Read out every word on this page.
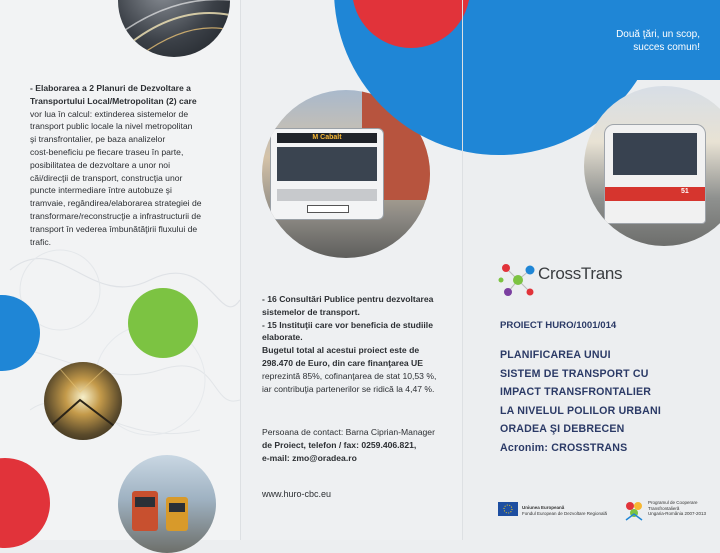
- Elaborarea a 2 Planuri de Dezvoltare a
Transportului Local/Metropolitan (2) care
vor lua în calcul: extinderea sistemelor de
transport public locale la nivel metropolitan
şi transfrontalier, pe baza analizelor
cost-beneficiu pe fiecare traseu în parte,
posibilitatea de dezvoltare a unor noi
căi/direcţii de transport, construcţia unor
puncte intermediare între autobuze şi
tramvaie, regândirea/elaborarea strategiei de
transformare/reconstrucţie a infrastructurii de
transport în vederea îmbunătăţirii fluxului de
trafic.
M Cabalt
- 16 Consultări Publice pentru dezvoltarea
sistemelor de transport.
- 15 Instituţii care vor beneficia de studiile
elaborate.
Bugetul total al acestui proiect este de
298.470 de Euro, din care finanţarea UE
reprezintă 85%, cofinanţarea de stat 10,53 %,
iar contribuţia partenerilor se ridică la 4,47 %.
Persoana de contact: Barna Ciprian-Manager
de Proiect, telefon / fax: 0259.406.821,
e-mail: zmo@oradea.ro
www.huro-cbc.eu
Două ţări, un scop,
succes comun!
51
CrossTrans
PROIECT HURO/1001/014
PLANIFICAREA UNUI
SISTEM DE TRANSPORT CU
IMPACT TRANSFRONTALIER
LA NIVELUL POLILOR URBANI
ORADEA ŞI DEBRECEN
Acronim: CROSSTRANS
Uniunea Europeană
Fondul European de Dezvoltare Regională
Programul de Cooperare
Transfrontalieră
Ungaria-România 2007-2013
